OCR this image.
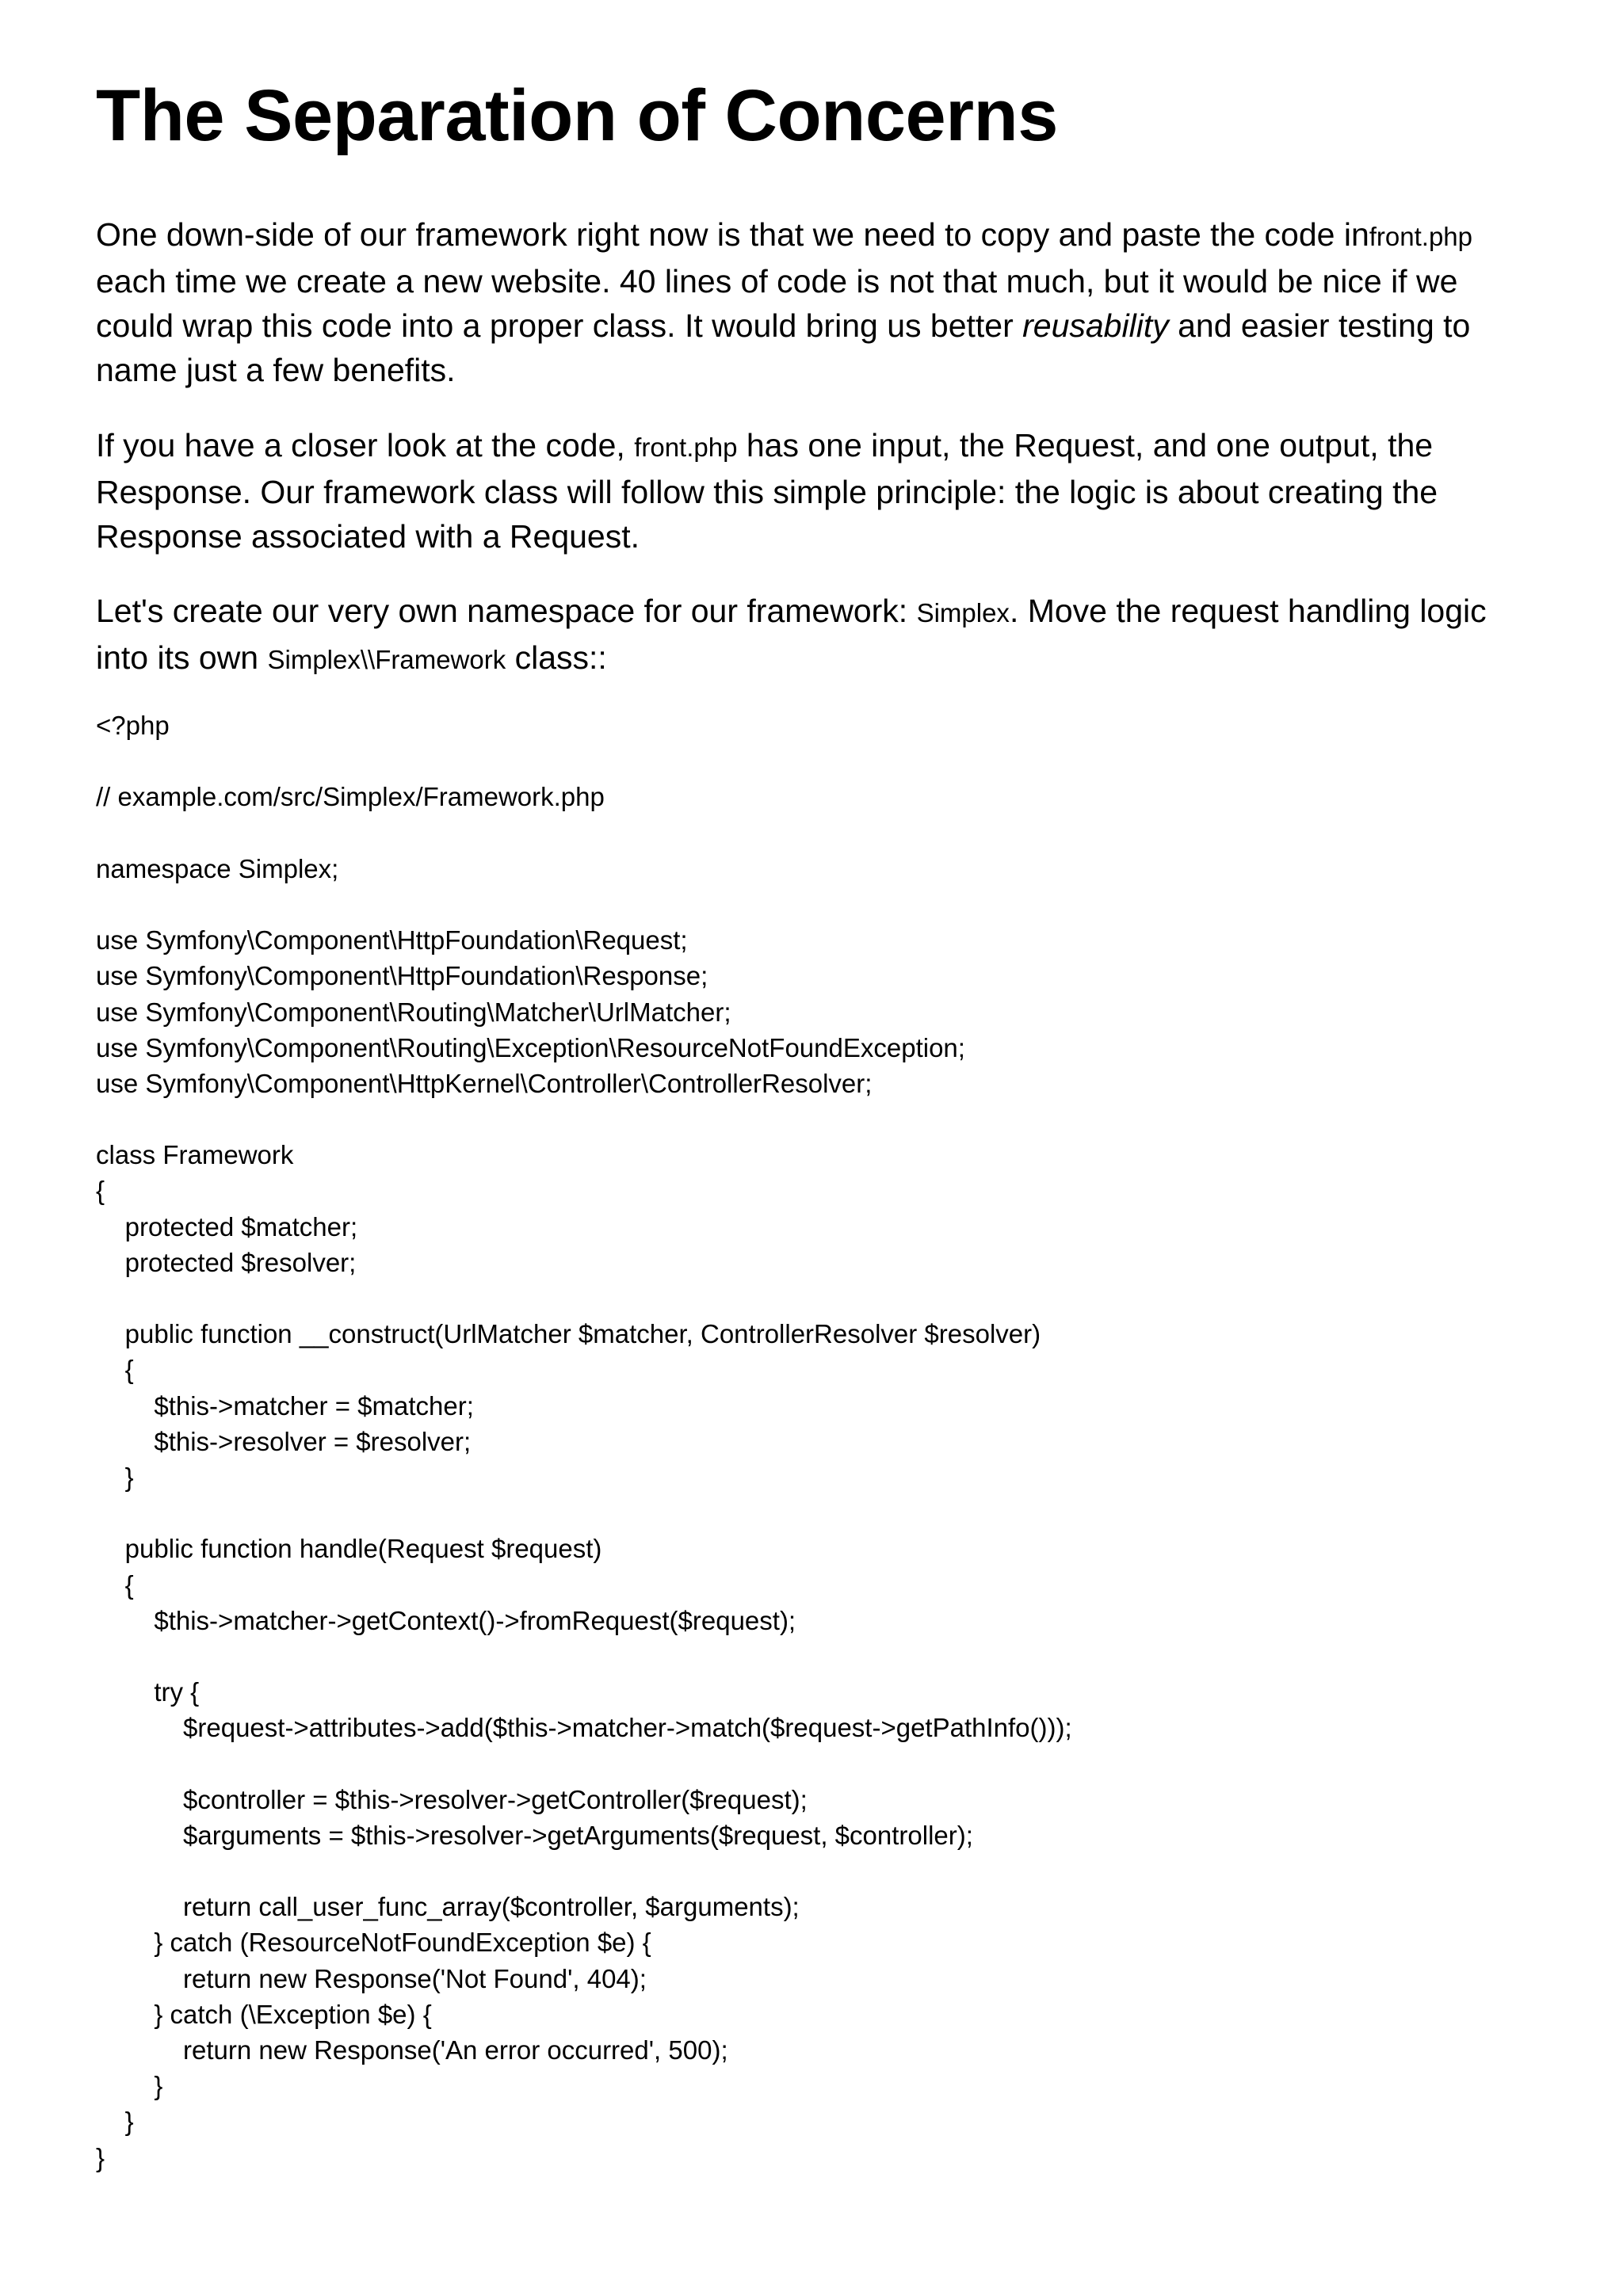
The Separation of Concerns

One down-side of our framework right now is that we need to copy and paste the code infront.php each time we create a new website. 40 lines of code is not that much, but it would be nice if we could wrap this code into a proper class. It would bring us better reusability and easier testing to name just a few benefits.

If you have a closer look at the code, front.php has one input, the Request, and one output, the Response. Our framework class will follow this simple principle: the logic is about creating the Response associated with a Request.

Let's create our very own namespace for our framework: Simplex. Move the request handling logic into its own Simplex\\Framework class::

<?php
// example.com/src/Simplex/Framework.php
namespace Simplex;
use Symfony\Component\HttpFoundation\Request;
use Symfony\Component\HttpFoundation\Response;
use Symfony\Component\Routing\Matcher\UrlMatcher;
use Symfony\Component\Routing\Exception\ResourceNotFoundException;
use Symfony\Component\HttpKernel\Controller\ControllerResolver;
class Framework
{
protected $matcher;
protected $resolver;
public function __construct(UrlMatcher $matcher, ControllerResolver $resolver)
{
$this->matcher = $matcher;
$this->resolver = $resolver;
}
public function handle(Request $request)
{
$this->matcher->getContext()->fromRequest($request);
try {
$request->attributes->add($this->matcher->match($request->getPathInfo()));
$controller = $this->resolver->getController($request);
$arguments = $this->resolver->getArguments($request, $controller);
return call_user_func_array($controller, $arguments);
} catch (ResourceNotFoundException $e) {
return new Response('Not Found', 404);
} catch (\Exception $e) {
return new Response('An error occurred', 500);
}
}
}
